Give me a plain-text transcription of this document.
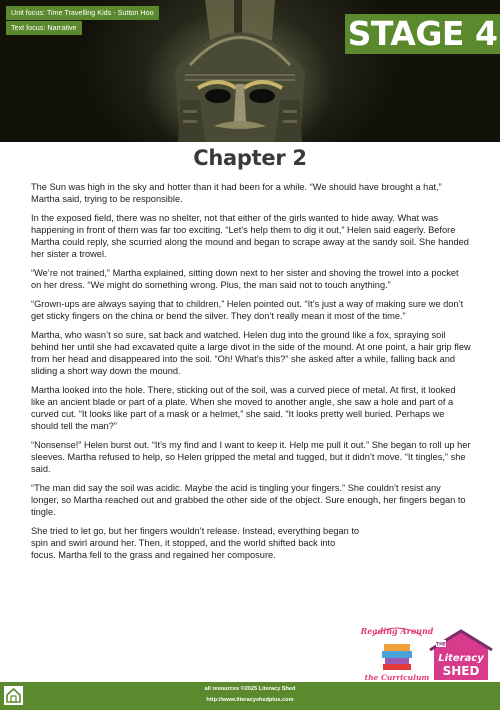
Unit focus: Time Travelling Kids - Sutton Hoo
Text focus: Narrative	STAGE 4
Chapter 2

The Sun was high in the sky and hotter than it had been for a while. “We should have brought a hat,” Martha said, trying to be responsible.

In the exposed field, there was no shelter, not that either of the girls wanted to hide away. What was happening in front of them was far too exciting. “Let’s help them to dig it out,” Helen said eagerly. Before Martha could reply, she scurried along the mound and began to scrape away at the sandy soil. She handed her sister a trowel.

“We’re not trained,” Martha explained, sitting down next to her sister and shoving the trowel into a pocket on her dress. “We might do something wrong. Plus, the man said not to touch anything.”

“Grown-ups are always saying that to children,” Helen pointed out. “It’s just a way of making sure we don’t get sticky fingers on the china or bend the silver. They don’t really mean it most of the time.”

Martha, who wasn’t so sure, sat back and watched. Helen dug into the ground like a fox, spraying soil behind her until she had excavated quite a large divot in the side of the mound. At one point, a hair grip flew from her head and disappeared into the soil. “Oh! What’s this?” she asked after a while, falling back and sliding a short way down the mound.

Martha looked into the hole. There, sticking out of the soil, was a curved piece of metal. At first, it looked like an ancient blade or part of a plate. When she moved to another angle, she saw a hole and part of a curved cut. “It looks like part of a mask or a helmet,” she said. “It looks pretty well buried. Perhaps we should tell the man?”

“Nonsense!” Helen burst out. “It’s my find and I want to keep it. Help me pull it out.” She began to roll up her sleeves. Martha refused to help, so Helen gripped the metal and tugged, but it didn’t move. “It tingles,” she said.

“The man did say the soil was acidic. Maybe the acid is tingling your fingers.” She couldn’t resist any longer, so Martha reached out and grabbed the other side of the object. Sure enough, her fingers began to tingle.

She tried to let go, but her fingers wouldn’t release. Instead, everything began to spin and swirl around her. Then, it stopped, and the world shifted back into focus. Martha fell to the grass and regained her composure.

Reading Around
the Curriculum
THE
Literacy
SHED
all resources ©2025 Literacy Shed
http://www.literacyshedplus.com
